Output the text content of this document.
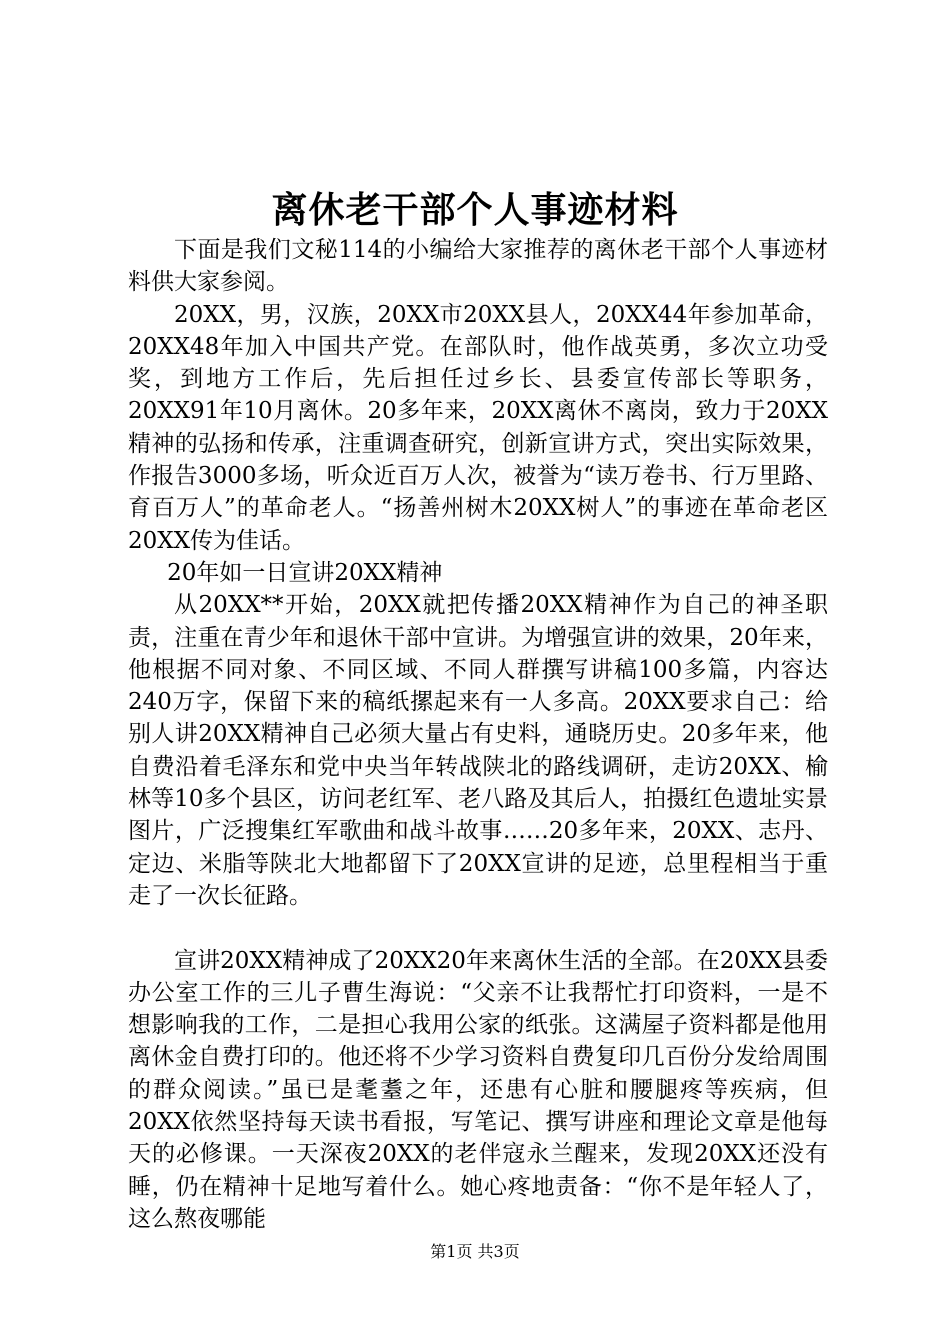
离休老干部个人事迹材料

下面是我们文秘114的小编给大家推荐的离休老干部个人事迹材料供大家参阅。

20XX，男，汉族，20XX市20XX县人，20XX44年参加革命，20XX48年加入中国共产党。在部队时，他作战英勇，多次立功受奖，到地方工作后，先后担任过乡长、县委宣传部长等职务，20XX91年10月离休。20多年来，20XX离休不离岗，致力于20XX精神的弘扬和传承，注重调查研究，创新宣讲方式，突出实际效果，作报告3000多场，听众近百万人次，被誉为“读万卷书、行万里路、育百万人”的革命老人。“扬善州树木20XX树人”的事迹在革命老区20XX传为佳话。

20年如一日宣讲20XX精神

从20XX**开始，20XX就把传播20XX精神作为自己的神圣职责，注重在青少年和退休干部中宣讲。为增强宣讲的效果，20年来，他根据不同对象、不同区域、不同人群撰写讲稿100多篇，内容达240万字，保留下来的稿纸摞起来有一人多高。20XX要求自己：给别人讲20XX精神自己必须大量占有史料，通晓历史。20多年来，他自费沿着毛泽东和党中央当年转战陕北的路线调研，走访20XX、榆林等10多个县区，访问老红军、老八路及其后人，拍摄红色遗址实景图片，广泛搜集红军歌曲和战斗故事……20多年来，20XX、志丹、定边、米脂等陕北大地都留下了20XX宣讲的足迹，总里程相当于重走了一次长征路。

宣讲20XX精神成了20XX20年来离休生活的全部。在20XX县委办公室工作的三儿子曹生海说：“父亲不让我帮忙打印资料，一是不想影响我的工作，二是担心我用公家的纸张。这满屋子资料都是他用离休金自费打印的。他还将不少学习资料自费复印几百份分发给周围的群众阅读。”虽已是耄耋之年，还患有心脏和腰腿疼等疾病，但20XX依然坚持每天读书看报，写笔记、撰写讲座和理论文章是他每天的必修课。一天深夜20XX的老伴寇永兰醒来，发现20XX还没有睡，仍在精神十足地写着什么。她心疼地责备：“你不是年轻人了，这么熬夜哪能

第1页 共3页
